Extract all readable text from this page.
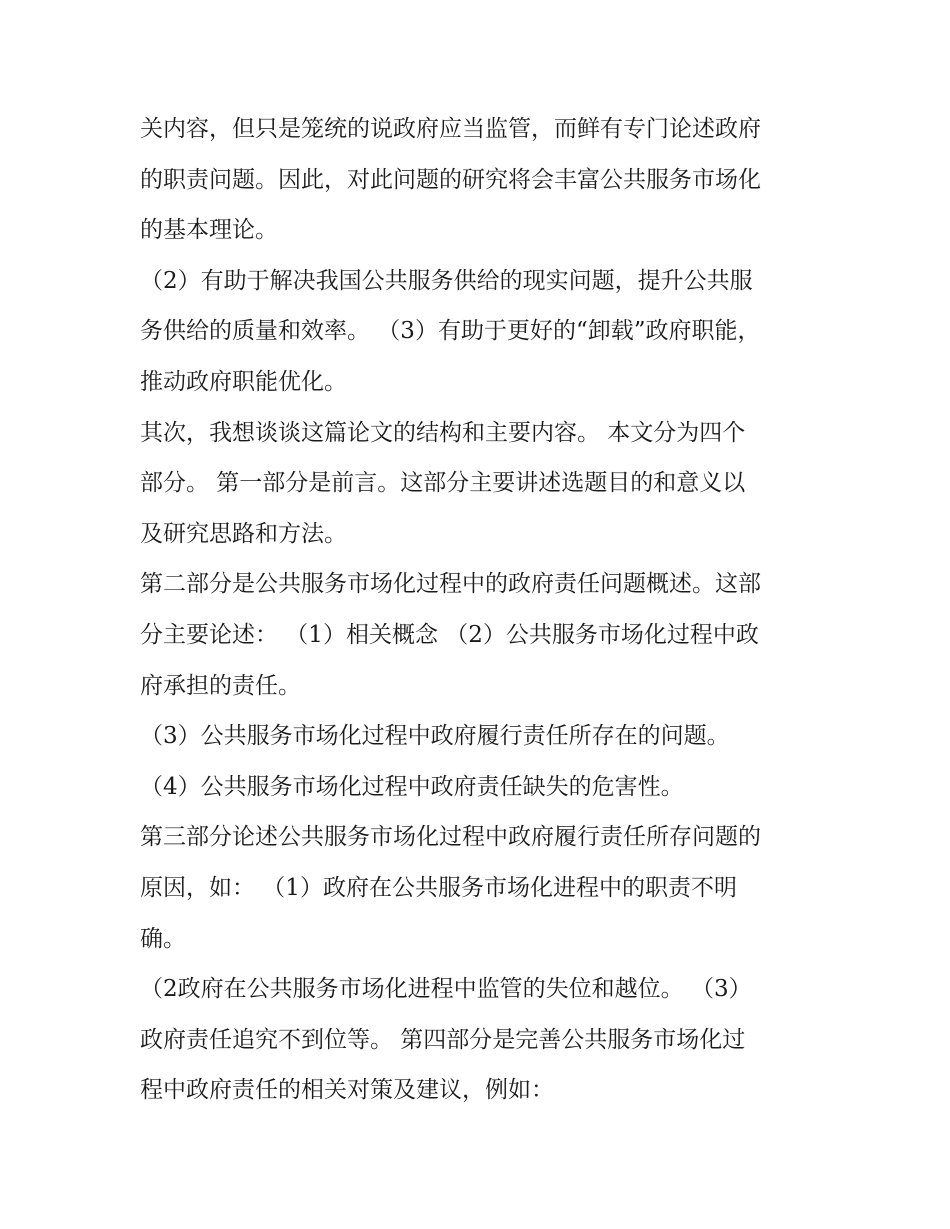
关内容，但只是笼统的说政府应当监管，而鲜有专门论述政府
的职责问题。因此，对此问题的研究将会丰富公共服务市场化
的基本理论。
（2）有助于解决我国公共服务供给的现实问题，提升公共服
务供给的质量和效率。 （3）有助于更好的“卸载”政府职能，
推动政府职能优化。
其次，我想谈谈这篇论文的结构和主要内容。 本文分为四个
部分。 第一部分是前言。这部分主要讲述选题目的和意义以
及研究思路和方法。
第二部分是公共服务市场化过程中的政府责任问题概述。这部
分主要论述： （1）相关概念 （2）公共服务市场化过程中政
府承担的责任。
（3）公共服务市场化过程中政府履行责任所存在的问题。
（4）公共服务市场化过程中政府责任缺失的危害性。
第三部分论述公共服务市场化过程中政府履行责任所存问题的
原因，如： （1）政府在公共服务市场化进程中的职责不明
确。
（2政府在公共服务市场化进程中监管的失位和越位。 （3）
政府责任追究不到位等。 第四部分是完善公共服务市场化过
程中政府责任的相关对策及建议，例如：
